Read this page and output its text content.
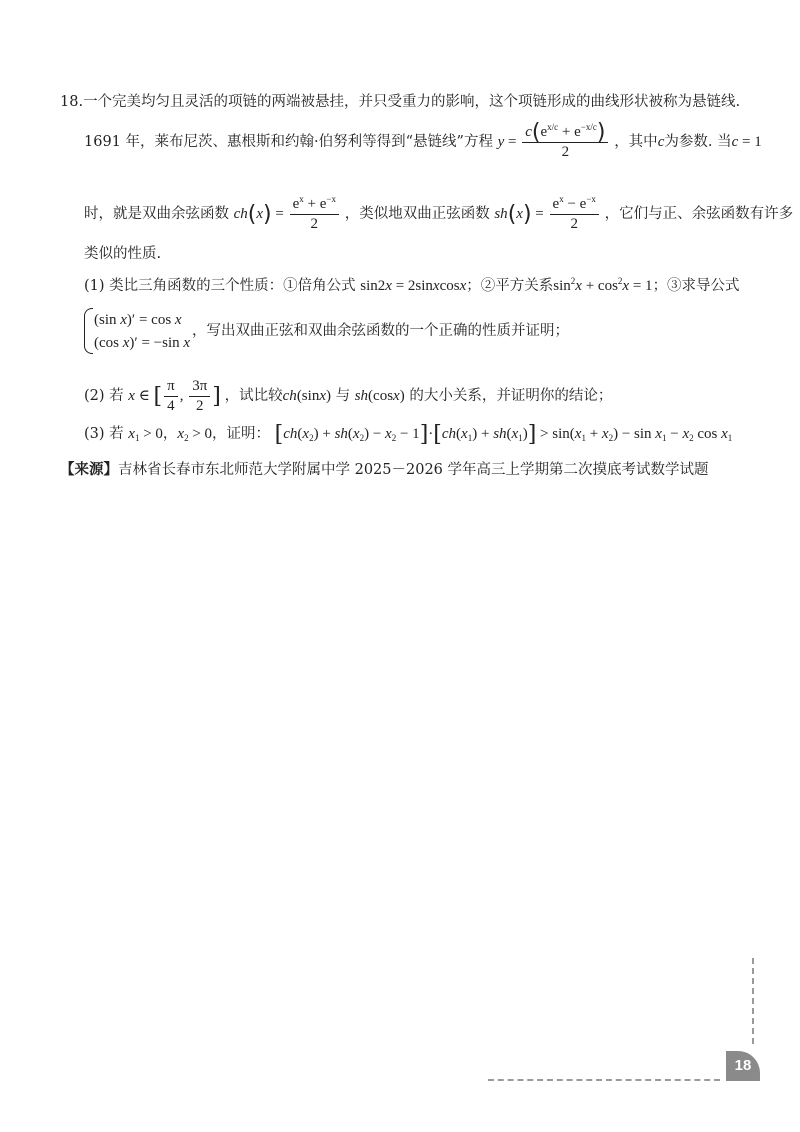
18.一个完美均匀且灵活的项链的两端被悬挂，并只受重力的影响，这个项链形成的曲线形状被称为悬链线.
1691 年，莱布尼茨、惠根斯和约翰·伯努利等得到“悬链线”方程 $y = \frac{c(e^{x/c} + e^{-x/c})}{2}$ ，其中c为参数. 当c = 1
时，就是双曲余弦函数 $ch(x) = \frac{e^x + e^{-x}}{2}$ ，类似地双曲正弦函数 $sh(x) = \frac{e^x - e^{-x}}{2}$ ，它们与正、余弦函数有许多
类似的性质.
(1) 类比三角函数的三个性质：①倍角公式 sin2x = 2sinxcosx；②平方关系$\sin^2x + \cos^2x = 1$；③求导公式
(sin x)′ = cos x
(cos x)′ = −sin x
，写出双曲正弦和双曲余弦函数的一个正确的性质并证明；
(2) 若 x ∈ [ $\frac{\pi}{4}$ , $\frac{3\pi}{2}$ ] ，试比较ch(sinx) 与 sh(cosx) 的大小关系，并证明你的结论；
(3) 若 $x_1 > 0$，$x_2 > 0$，证明： $[ch(x_2) + sh(x_2) - x_2 - 1]\cdot[ch(x_1) + sh(x_1)] > \sin(x_1 + x_2) - \sin x_1 - x_2$ $\cos x_1$
【来源】吉林省长春市东北师范大学附属中学 2025－2026 学年高三上学期第二次摸底考试数学试题
18
